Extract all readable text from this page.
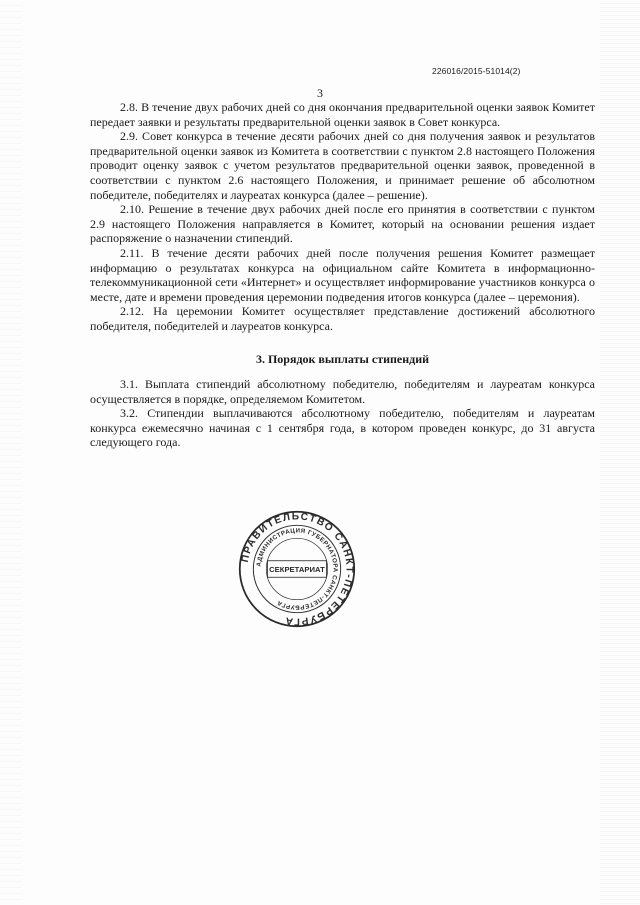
226016/2015-51014(2)
3

2.8. В течение двух рабочих дней со дня окончания предварительной оценки заявок Комитет передает заявки и результаты предварительной оценки заявок в Совет конкурса.

2.9. Совет конкурса в течение десяти рабочих дней со дня получения заявок и результатов предварительной оценки заявок из Комитета в соответствии с пунктом 2.8 настоящего Положения проводит оценку заявок с учетом результатов предварительной оценки заявок, проведенной в соответствии с пунктом 2.6 настоящего Положения, и принимает решение об абсолютном победителе, победителях и лауреатах конкурса (далее – решение).

2.10. Решение в течение двух рабочих дней после его принятия в соответствии с пунктом 2.9 настоящего Положения направляется в Комитет, который на основании решения издает распоряжение о назначении стипендий.

2.11. В течение десяти рабочих дней после получения решения Комитет размещает информацию о результатах конкурса на официальном сайте Комитета в информационно-телекоммуникационной сети «Интернет» и осуществляет информирование участников конкурса о месте, дате и времени проведения церемонии подведения итогов конкурса (далее – церемония).

2.12. На церемонии Комитет осуществляет представление достижений абсолютного победителя, победителей и лауреатов конкурса.

3. Порядок выплаты стипендий

3.1. Выплата стипендий абсолютному победителю, победителям и лауреатам конкурса осуществляется в порядке, определяемом Комитетом.

3.2. Стипендии выплачиваются абсолютному победителю, победителям и лауреатам конкурса ежемесячно начиная с 1 сентября года, в котором проведен конкурс, до 31 августа следующего года.

ПРАВИТЕЛЬСТВО САНКТ-ПЕТЕРБУРГА
АДМИНИСТРАЦИЯ ГУБЕРНАТОРА САНКТ-ПЕТЕРБУРГА
СЕКРЕТАРИАТ
